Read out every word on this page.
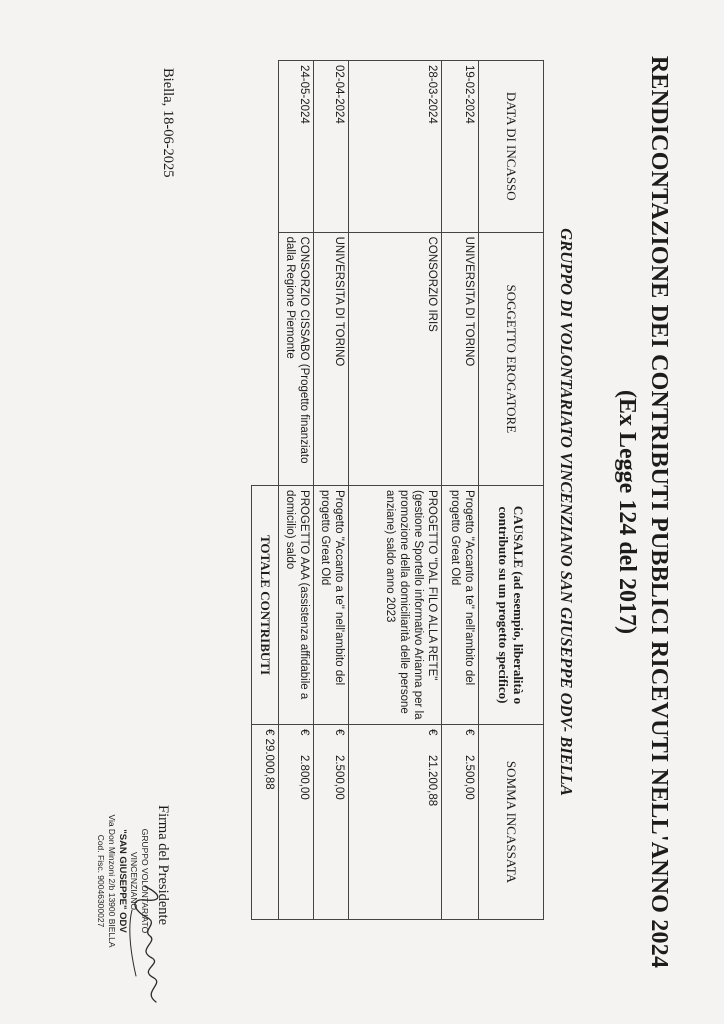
RENDICONTAZIONE DEI CONTRIBUTI PUBBLICI RICEVUTI NELL'ANNO 2024
(Ex Legge 124 del 2017)
GRUPPO DI VOLONTARIATO VINCENZIANO SAN GIUSEPPE ODV- BIELLA
DATA DI INCASSO	SOGGETTO EROGATORE	CAUSALE (ad esempio, liberalità o contributo su un progetto specifico)	SOMMA INCASSATA
19-02-2024	UNIVERSITA DI TORINO	Progetto "Accanto a te" nell'ambito del progetto Great Old	€2.500,00
28-03-2024	CONSORZIO IRIS	PROGETTO "DAL FILO ALLA RETE"(gestione Sportello informativo Arianna per la promozione della domiciliarità delle persone anziane) saldo anno 2023	€21.200,88
02-04-2024	UNIVERSITA DI TORINO	Progetto "Accanto a te" nell'ambito del progetto Great Old	€2.500,00
24-05-2024	CONSORZIO CISSABO (Progetto finanziato dalla Regione Piemonte	PROGETTO AAA (assistenza affidabile a domicilio) saldo	€2.800,00
		TOTALE CONTRIBUTI	€ 29.000,88
Biella, 18-06-2025
Firma del Presidente
GRUPPO VOLONTARIATO VINCENZIANO
"SAN GIUSEPPE" ODV
Via Don Minzoni 2/b 13900 BIELLA
Cod. Fisc. 90046300027
